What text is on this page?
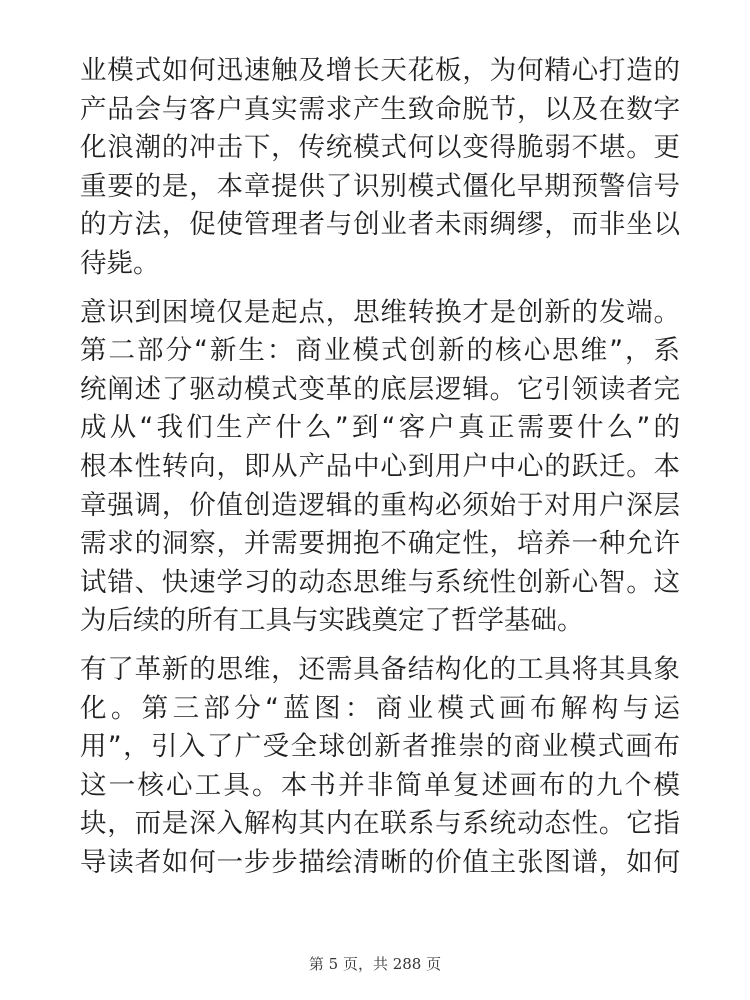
业模式如何迅速触及增长天花板，为何精心打造的
产品会与客户真实需求产生致命脱节，以及在数字
化浪潮的冲击下，传统模式何以变得脆弱不堪。更
重要的是，本章提供了识别模式僵化早期预警信号
的方法，促使管理者与创业者未雨绸缪，而非坐以
待毙。
意识到困境仅是起点，思维转换才是创新的发端。
第二部分“新生：商业模式创新的核心思维”，系
统阐述了驱动模式变革的底层逻辑。它引领读者完
成从“我们生产什么”到“客户真正需要什么”的
根本性转向，即从产品中心到用户中心的跃迁。本
章强调，价值创造逻辑的重构必须始于对用户深层
需求的洞察，并需要拥抱不确定性，培养一种允许
试错、快速学习的动态思维与系统性创新心智。这
为后续的所有工具与实践奠定了哲学基础。
有了革新的思维，还需具备结构化的工具将其具象
化。第三部分“蓝图：商业模式画布解构与运
用”，引入了广受全球创新者推崇的商业模式画布
这一核心工具。本书并非简单复述画布的九个模
块，而是深入解构其内在联系与系统动态性。它指
导读者如何一步步描绘清晰的价值主张图谱，如何
第 5 页，共 288 页
